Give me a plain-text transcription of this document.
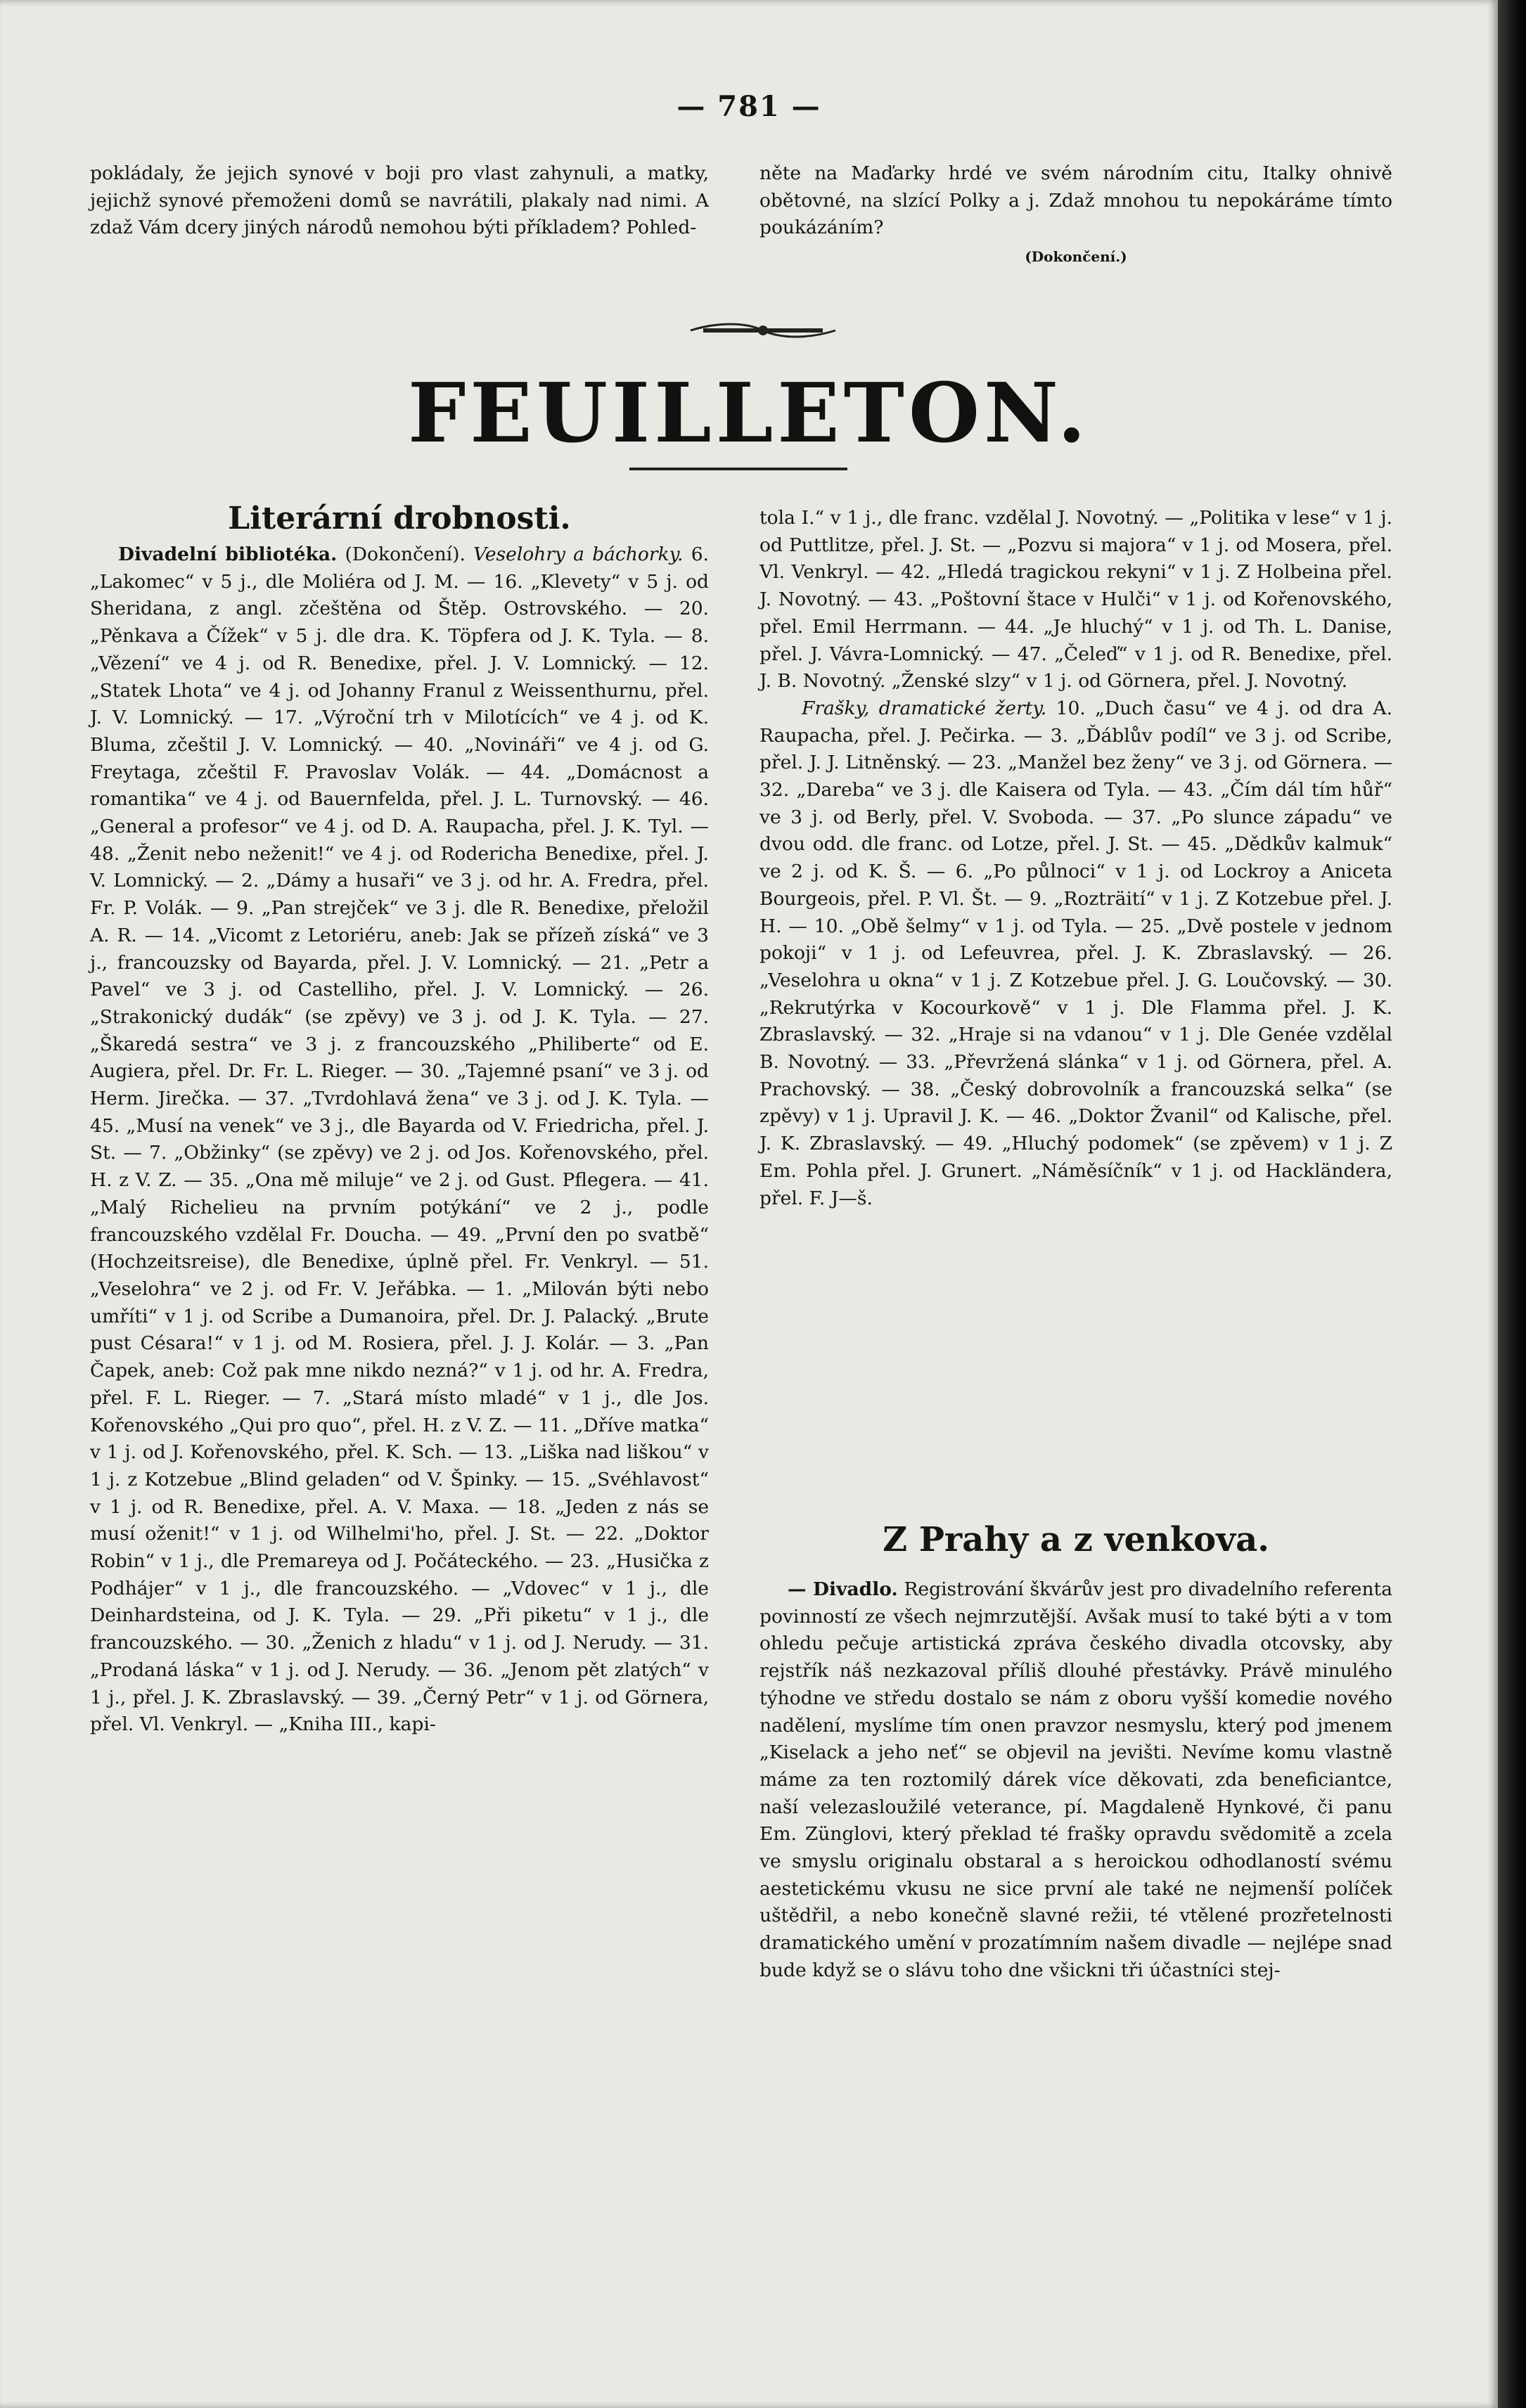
— 781 —

pokládaly, že jejich synové v boji pro vlast zahynuli, a matky, jejichž synové přemoženi domů se navrátili, plakaly nad nimi. A zdaž Vám dcery jiných národů nemohou býti příkladem? Pohled-

něte na Maďarky hrdé ve svém národním citu, Italky ohnivě obětovné, na slzící Polky a j. Zdaž mnohou tu nepokáráme tímto poukázáním?

(Dokončení.)

FEUILLETON.
Literární drobnosti.

Divadelní bibliotéka. (Dokončení). Veselohry a báchorky. 6. „Lakomec“ v 5 j., dle Moliéra od J. M. — 16. „Klevety“ v 5 j. od Sheridana, z angl. zčeštěna od Štěp. Ostrovského. — 20. „Pěnkava a Čížek“ v 5 j. dle dra. K. Töpfera od J. K. Tyla. — 8. „Vězení“ ve 4 j. od R. Benedixe, přel. J. V. Lomnický. — 12. „Statek Lhota“ ve 4 j. od Johanny Franul z Weissenthurnu, přel. J. V. Lomnický. — 17. „Výroční trh v Milotících“ ve 4 j. od K. Bluma, zčeštil J. V. Lomnický. — 40. „Novináři“ ve 4 j. od G. Freytaga, zčeštil F. Pravoslav Volák. — 44. „Domácnost a romantika“ ve 4 j. od Bauernfelda, přel. J. L. Turnovský. — 46. „General a profesor“ ve 4 j. od D. A. Raupacha, přel. J. K. Tyl. — 48. „Ženit nebo neženit!“ ve 4 j. od Rodericha Benedixe, přel. J. V. Lomnický. — 2. „Dámy a husaři“ ve 3 j. od hr. A. Fredra, přel. Fr. P. Volák. — 9. „Pan strejček“ ve 3 j. dle R. Benedixe, přeložil A. R. — 14. „Vicomt z Letoriéru, aneb: Jak se přízeň získá“ ve 3 j., francouzsky od Bayarda, přel. J. V. Lomnický. — 21. „Petr a Pavel“ ve 3 j. od Castelliho, přel. J. V. Lomnický. — 26. „Strakonický dudák“ (se zpěvy) ve 3 j. od J. K. Tyla. — 27. „Škaredá sestra“ ve 3 j. z francouzského „Philiberte“ od E. Augiera, přel. Dr. Fr. L. Rieger. — 30. „Tajemné psaní“ ve 3 j. od Herm. Jirečka. — 37. „Tvrdohlavá žena“ ve 3 j. od J. K. Tyla. — 45. „Musí na venek“ ve 3 j., dle Bayarda od V. Friedricha, přel. J. St. — 7. „Obžinky“ (se zpěvy) ve 2 j. od Jos. Kořenovského, přel. H. z V. Z. — 35. „Ona mě miluje“ ve 2 j. od Gust. Pflegera. — 41. „Malý Richelieu na prvním potýkání“ ve 2 j., podle francouzského vzdělal Fr. Doucha. — 49. „První den po svatbě“ (Hochzeitsreise), dle Benedixe, úplně přel. Fr. Venkryl. — 51. „Veselohra“ ve 2 j. od Fr. V. Jeřábka. — 1. „Milován býti nebo umříti“ v 1 j. od Scribe a Dumanoira, přel. Dr. J. Palacký. „Brute pust Césara!“ v 1 j. od M. Rosiera, přel. J. J. Kolár. — 3. „Pan Čapek, aneb: Což pak mne nikdo nezná?“ v 1 j. od hr. A. Fredra, přel. F. L. Rieger. — 7. „Stará místo mladé“ v 1 j., dle Jos. Kořenovského „Qui pro quo“, přel. H. z V. Z. — 11. „Dříve matka“ v 1 j. od J. Kořenovského, přel. K. Sch. — 13. „Liška nad liškou“ v 1 j. z Kotzebue „Blind geladen“ od V. Špinky. — 15. „Svéhlavost“ v 1 j. od R. Benedixe, přel. A. V. Maxa. — 18. „Jeden z nás se musí oženit!“ v 1 j. od Wilhelmi'ho, přel. J. St. — 22. „Doktor Robin“ v 1 j., dle Premareya od J. Počáteckého. — 23. „Husička z Podhájer“ v 1 j., dle francouzského. — „Vdovec“ v 1 j., dle Deinhardsteina, od J. K. Tyla. — 29. „Při piketu“ v 1 j., dle francouzského. — 30. „Ženich z hladu“ v 1 j. od J. Nerudy. — 31. „Prodaná láska“ v 1 j. od J. Nerudy. — 36. „Jenom pět zlatých“ v 1 j., přel. J. K. Zbraslavský. — 39. „Černý Petr“ v 1 j. od Görnera, přel. Vl. Venkryl. — „Kniha III., kapi-

tola I.“ v 1 j., dle franc. vzdělal J. Novotný. — „Politika v lese“ v 1 j. od Puttlitze, přel. J. St. — „Pozvu si majora“ v 1 j. od Mosera, přel. Vl. Venkryl. — 42. „Hledá tragickou rekyni“ v 1 j. Z Holbeina přel. J. Novotný. — 43. „Poštovní štace v Hulči“ v 1 j. od Kořenovského, přel. Emil Herrmann. — 44. „Je hluchý“ v 1 j. od Th. L. Danise, přel. J. Vávra-Lomnický. — 47. „Čeleď“ v 1 j. od R. Benedixe, přel. J. B. Novotný. „Ženské slzy“ v 1 j. od Görnera, přel. J. Novotný.

Frašky, dramatické žerty. 10. „Duch času“ ve 4 j. od dra A. Raupacha, přel. J. Pečirka. — 3. „Ďáblův podíl“ ve 3 j. od Scribe, přel. J. J. Litněnský. — 23. „Manžel bez ženy“ ve 3 j. od Görnera. — 32. „Dareba“ ve 3 j. dle Kaisera od Tyla. — 43. „Čím dál tím hůř“ ve 3 j. od Berly, přel. V. Svoboda. — 37. „Po slunce západu“ ve dvou odd. dle franc. od Lotze, přel. J. St. — 45. „Dědkův kalmuk“ ve 2 j. od K. Š. — 6. „Po půlnoci“ v 1 j. od Lockroy a Aniceta Bourgeois, přel. P. Vl. Št. — 9. „Rozträití“ v 1 j. Z Kotzebue přel. J. H. — 10. „Obě šelmy“ v 1 j. od Tyla. — 25. „Dvě postele v jednom pokoji“ v 1 j. od Lefeuvrea, přel. J. K. Zbraslavský. — 26. „Veselohra u okna“ v 1 j. Z Kotzebue přel. J. G. Loučovský. — 30. „Rekrutýrka v Kocourkově“ v 1 j. Dle Flamma přel. J. K. Zbraslavský. — 32. „Hraje si na vdanou“ v 1 j. Dle Genée vzdělal B. Novotný. — 33. „Převržená slánka“ v 1 j. od Görnera, přel. A. Prachovský. — 38. „Český dobrovolník a francouzská selka“ (se zpěvy) v 1 j. Upravil J. K. — 46. „Doktor Žvanil“ od Kalische, přel. J. K. Zbraslavský. — 49. „Hluchý podomek“ (se zpěvem) v 1 j. Z Em. Pohla přel. J. Grunert. „Náměsíčník“ v 1 j. od Hackländera, přel. F. J—š.

Z Prahy a z venkova.

— Divadlo. Registrování škvárův jest pro divadelního referenta povinností ze všech nejmrzutější. Avšak musí to také býti a v tom ohledu pečuje artistická zpráva českého divadla otcovsky, aby rejstřík náš nezkazoval příliš dlouhé přestávky. Právě minulého týhodne ve středu dostalo se nám z oboru vyšší komedie nového nadělení, myslíme tím onen pravzor nesmyslu, který pod jmenem „Kiselack a jeho neť“ se objevil na jevišti. Nevíme komu vlastně máme za ten roztomilý dárek více děkovati, zda beneficiantce, naší velezasloužilé veterance, pí. Magdaleně Hynkové, či panu Em. Zünglovi, který překlad té frašky opravdu svědomitě a zcela ve smyslu originalu obstaral a s heroickou odhodlaností svému aestetickému vkusu ne sice první ale také ne nejmenší políček uštědřil, a nebo konečně slavné režii, té vtělené prozřetelnosti dramatického umění v prozatímním našem divadle — nejlépe snad bude když se o slávu toho dne všickni tři účastníci stej-
